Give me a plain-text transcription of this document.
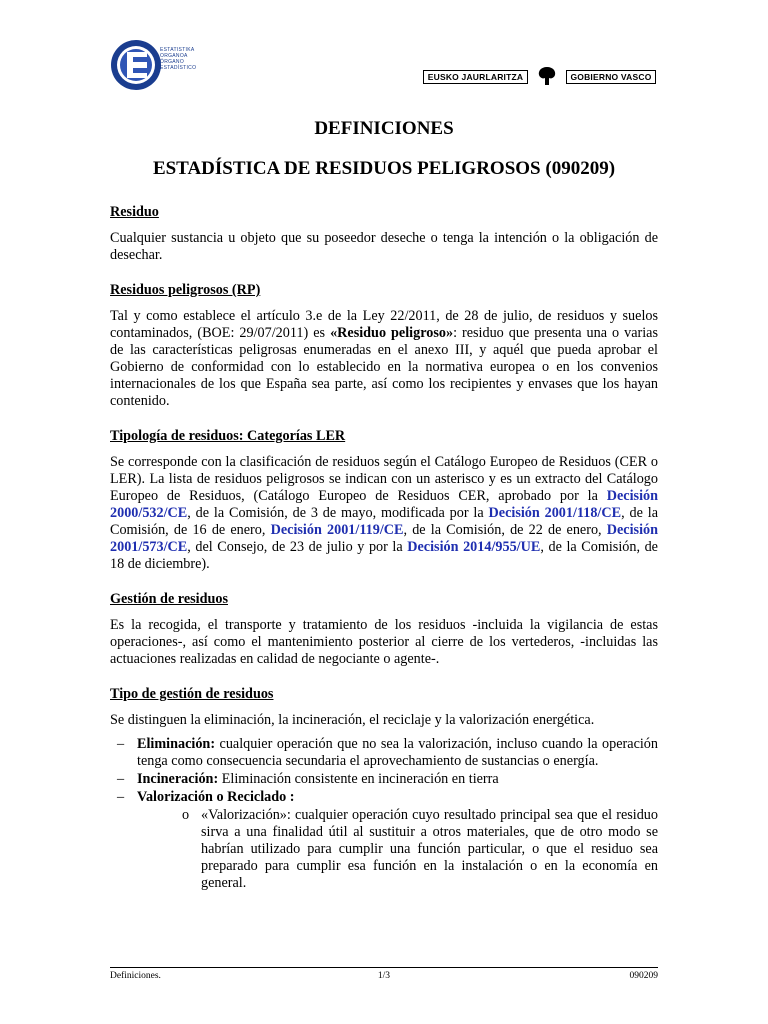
ESTATISTIKA
ORGANOA
ÓRGANO
ESTADÍSTICO
EUSKO JAURLARITZA	GOBIERNO VASCO
DEFINICIONES
ESTADÍSTICA DE RESIDUOS PELIGROSOS (090209)
Residuo
Cualquier sustancia u objeto que su poseedor deseche o tenga la intención o la obligación de desechar.
Residuos peligrosos (RP)
Tal y como establece el artículo 3.e de la Ley 22/2011, de 28 de julio, de residuos y suelos contaminados, (BOE: 29/07/2011) es «Residuo peligroso»: residuo que presenta una o varias de las características peligrosas enumeradas en el anexo III, y aquél que pueda aprobar el Gobierno de conformidad con lo establecido en la normativa europea o en los convenios internacionales de los que España sea parte, así como los recipientes y envases que los hayan contenido.
Tipología de residuos: Categorías LER
Se corresponde con la clasificación de residuos según el Catálogo Europeo de Residuos (CER o LER). La lista de residuos peligrosos se indican con un asterisco y es un extracto del Catálogo Europeo de Residuos, (Catálogo Europeo de Residuos CER, aprobado por la Decisión 2000/532/CE, de la Comisión, de 3 de mayo, modificada por la Decisión 2001/118/CE, de la Comisión, de 16 de enero, Decisión 2001/119/CE, de la Comisión, de 22 de enero, Decisión 2001/573/CE, del Consejo, de 23 de julio y por la Decisión 2014/955/UE, de la Comisión, de 18 de diciembre).
Gestión de residuos
Es la recogida, el transporte y tratamiento de los residuos -incluida la vigilancia de estas operaciones-, así como el mantenimiento posterior al cierre de los vertederos, -incluidas las actuaciones realizadas en calidad de negociante o agente-.
Tipo de gestión de residuos
Se distinguen la eliminación, la incineración, el reciclaje y la valorización energética.
– Eliminación: cualquier operación que no sea la valorización, incluso cuando la operación tenga como consecuencia secundaria el aprovechamiento de sustancias o energía.
– Incineración: Eliminación consistente en incineración en tierra
– Valorización o Reciclado :
o «Valorización»: cualquier operación cuyo resultado principal sea que el residuo sirva a una finalidad útil al sustituir a otros materiales, que de otro modo se habrían utilizado para cumplir una función particular, o que el residuo sea preparado para cumplir esa función en la instalación o en la economía en general.
Definiciones.	1/3	090209
